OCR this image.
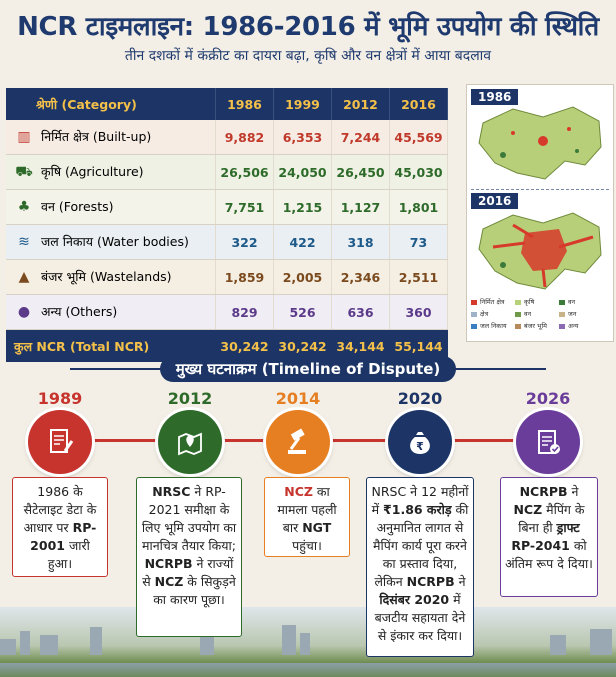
NCR टाइमलाइन: 1986-2016 में भूमि उपयोग की स्थिति
तीन दशकों में कंक्रीट का दायरा बढ़ा, कृषि और वन क्षेत्रों में आया बदलाव
श्रेणी (Category)	1986	1999	2012	2016
▥ निर्मित क्षेत्र (Built-up)	9,882	6,353	7,244	45,569
⛟ कृषि (Agriculture)	26,506	24,050	26,450	45,030
♣ वन (Forests)	7,751	1,215	1,127	1,801
≋ जल निकाय (Water bodies)	322	422	318	73
▲ बंजर भूमि (Wastelands)	1,859	2,005	2,346	2,511
● अन्य (Others)	829	526	636	360
कुल NCR (Total NCR)	30,242	30,242	34,144	55,144
1986
2016
निर्मित क्षेत्र	कृषि	वनक्षेत्र	वन	जनजल निकाय	बंजर भूमि	अन्य
मुख्य घटनाक्रम (Timeline of Dispute)
1989	2012	2014	2020
₹
2026
1986 के सैटेलाइट डेटा के आधार पर RP-2001 जारी हुआ।
NRSC ने RP-2021 समीक्षा के लिए भूमि उपयोग का मानचित्र तैयार किया; NCRPB ने राज्यों से NCZ के सिकुड़ने का कारण पूछा।
NCZ का मामला पहली बार NGT पहुंचा।
NRSC ने 12 महीनों में ₹1.86 करोड़ की अनुमानित लागत से मैपिंग कार्य पूरा करने का प्रस्ताव दिया, लेकिन NCRPB ने दिसंबर 2020 में बजटीय सहायता देने से इंकार कर दिया।
NCRPB ने NCZ मैपिंग के बिना ही ड्राफ्ट RP-2041 को अंतिम रूप दे दिया।
